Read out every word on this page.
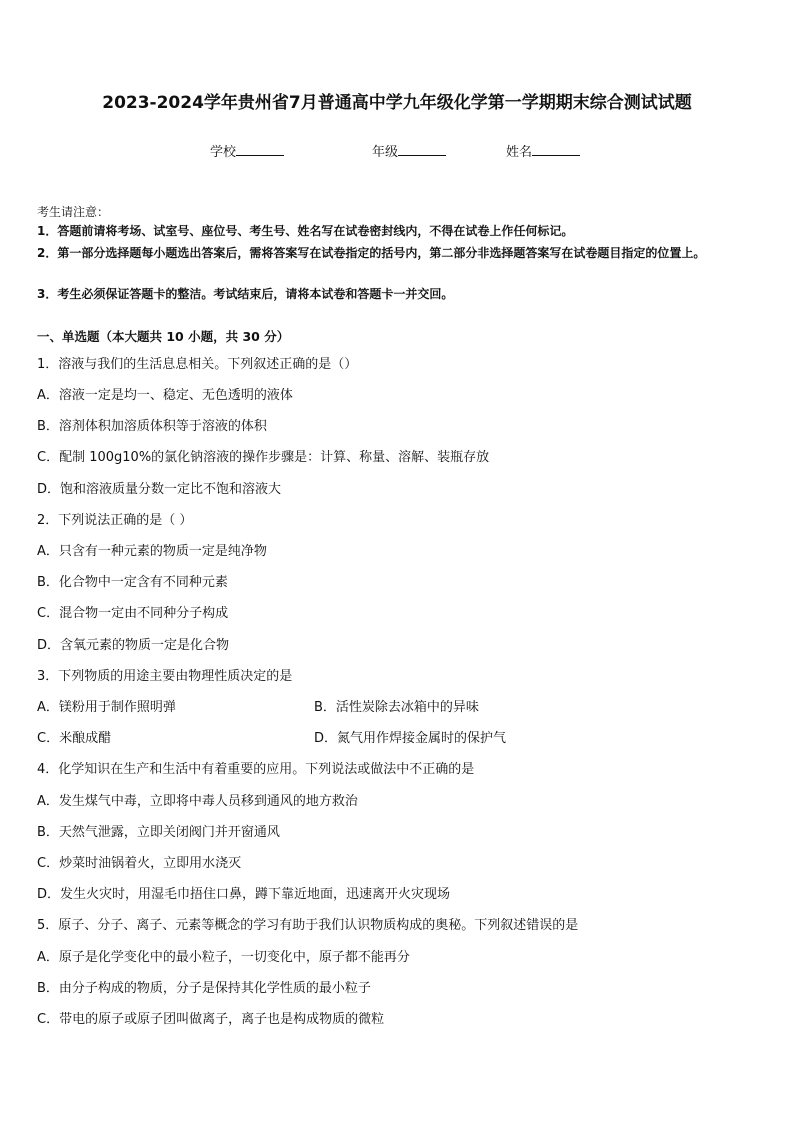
2023-2024学年贵州省7月普通高中学九年级化学第一学期期末综合测试试题
学校	年级	姓名
考生请注意：
1．答题前请将考场、试室号、座位号、考生号、姓名写在试卷密封线内，不得在试卷上作任何标记。
2．第一部分选择题每小题选出答案后，需将答案写在试卷指定的括号内，第二部分非选择题答案写在试卷题目指定的位置上。
3．考生必须保证答题卡的整洁。考试结束后，请将本试卷和答题卡一并交回。
一、单选题（本大题共 10 小题，共 30 分）
1．溶液与我们的生活息息相关。下列叙述正确的是（）
A．溶液一定是均一、稳定、无色透明的液体
B．溶剂体积加溶质体积等于溶液的体积
C．配制 100g10%的氯化钠溶液的操作步骤是：计算、称量、溶解、装瓶存放
D．饱和溶液质量分数一定比不饱和溶液大
2．下列说法正确的是（ ）
A．只含有一种元素的物质一定是纯净物
B．化合物中一定含有不同种元素
C．混合物一定由不同种分子构成
D．含氧元素的物质一定是化合物
3．下列物质的用途主要由物理性质决定的是
A．镁粉用于制作照明弹	B．活性炭除去冰箱中的异味
C．米酿成醋	D．氮气用作焊接金属时的保护气
4．化学知识在生产和生活中有着重要的应用。下列说法或做法中不正确的是
A．发生煤气中毒，立即将中毒人员移到通风的地方救治
B．天然气泄露，立即关闭阀门并开窗通风
C．炒菜时油锅着火，立即用水浇灭
D．发生火灾时，用湿毛巾捂住口鼻，蹲下靠近地面，迅速离开火灾现场
5．原子、分子、离子、元素等概念的学习有助于我们认识物质构成的奥秘。下列叙述错误的是
A．原子是化学变化中的最小粒子，一切变化中，原子都不能再分
B．由分子构成的物质，分子是保持其化学性质的最小粒子
C．带电的原子或原子团叫做离子，离子也是构成物质的微粒
